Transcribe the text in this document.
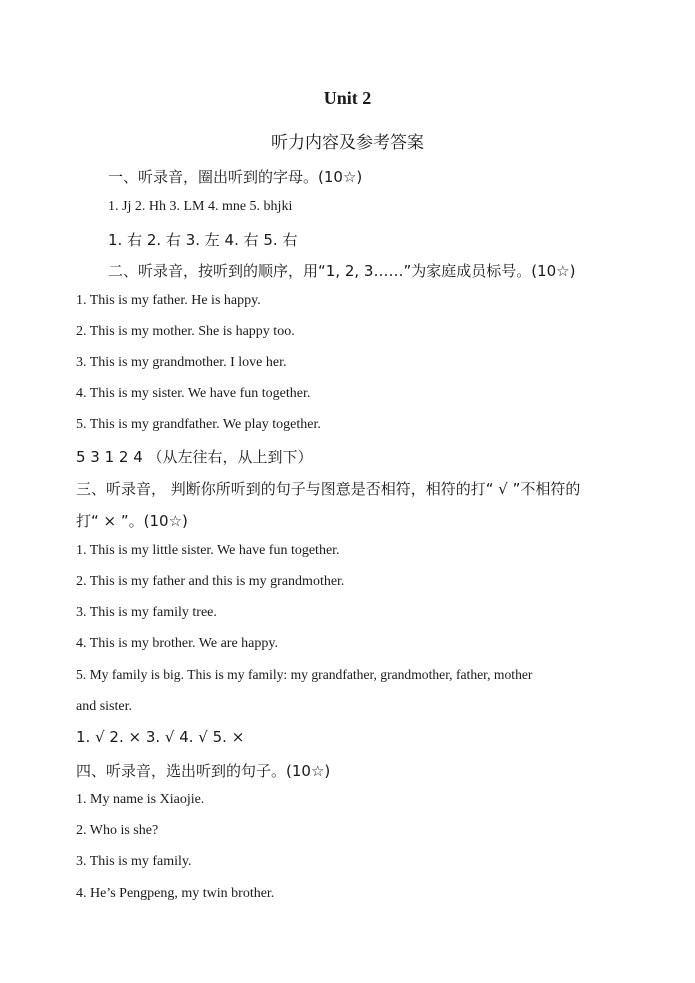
Unit 2
听力内容及参考答案
一、听录音，圈出听到的字母。(10☆)
1. Jj 2. Hh 3. LM 4. mne 5. bhjki
1. 右 2. 右 3. 左 4. 右 5. 右
二、听录音，按听到的顺序，用“1, 2, 3……”为家庭成员标号。(10☆)
1. This is my father. He is happy.
2. This is my mother. She is happy too.
3. This is my grandmother. I love her.
4. This is my sister. We have fun together.
5. This is my grandfather. We play together.
5 3 1 2 4 （从左往右，从上到下）
三、听录音， 判断你所听到的句子与图意是否相符，相符的打“ √ ”不相符的
打“ × ”。(10☆)
1. This is my little sister. We have fun together.
2. This is my father and this is my grandmother.
3. This is my family tree.
4. This is my brother. We are happy.
5. My family is big. This is my family: my grandfather, grandmother, father, mother
and sister.
1. √ 2. × 3. √ 4. √ 5. ×
四、听录音，选出听到的句子。(10☆)
1. My name is Xiaojie.
2. Who is she?
3. This is my family.
4. He’s Pengpeng, my twin brother.
